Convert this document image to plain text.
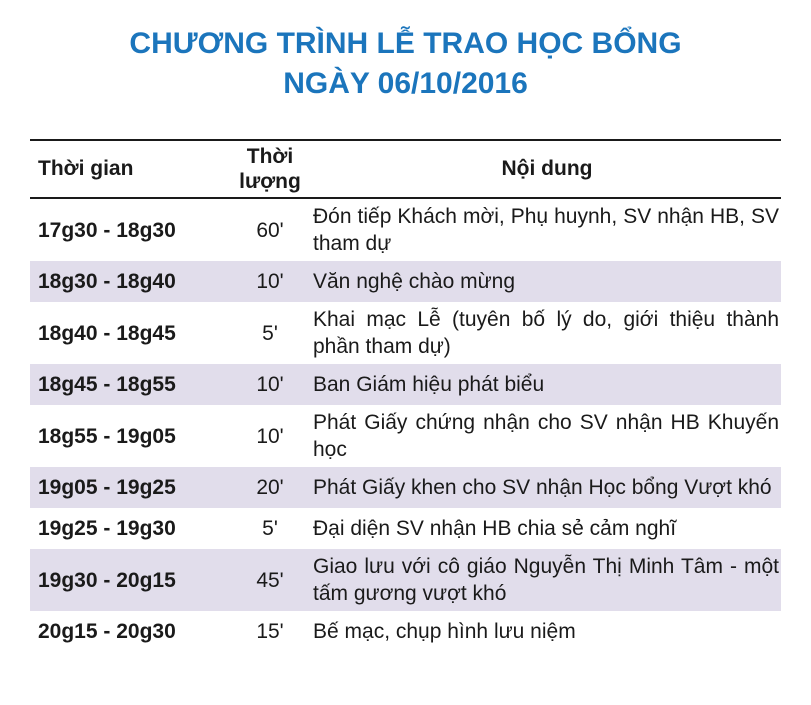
CHƯƠNG TRÌNH LỄ TRAO HỌC BỔNG
NGÀY 06/10/2016
Thời gian	Thời lượng	Nội dung
17g30 - 18g30	60'	Đón tiếp Khách mời, Phụ huynh, SV nhận HB, SV tham dự
18g30 - 18g40	10'	Văn nghệ chào mừng
18g40 - 18g45	5'	Khai mạc Lễ (tuyên bố lý do, giới thiệu thành phần tham dự)
18g45 - 18g55	10'	Ban Giám hiệu phát biểu
18g55 - 19g05	10'	Phát Giấy chứng nhận cho SV nhận HB Khuyến học
19g05 - 19g25	20'	Phát Giấy khen cho SV nhận Học bổng Vượt khó
19g25 - 19g30	5'	Đại diện SV nhận HB chia sẻ cảm nghĩ
19g30 - 20g15	45'	Giao lưu với cô giáo Nguyễn Thị Minh Tâm - một tấm gương vượt khó
20g15 - 20g30	15'	Bế mạc, chụp hình lưu niệm
